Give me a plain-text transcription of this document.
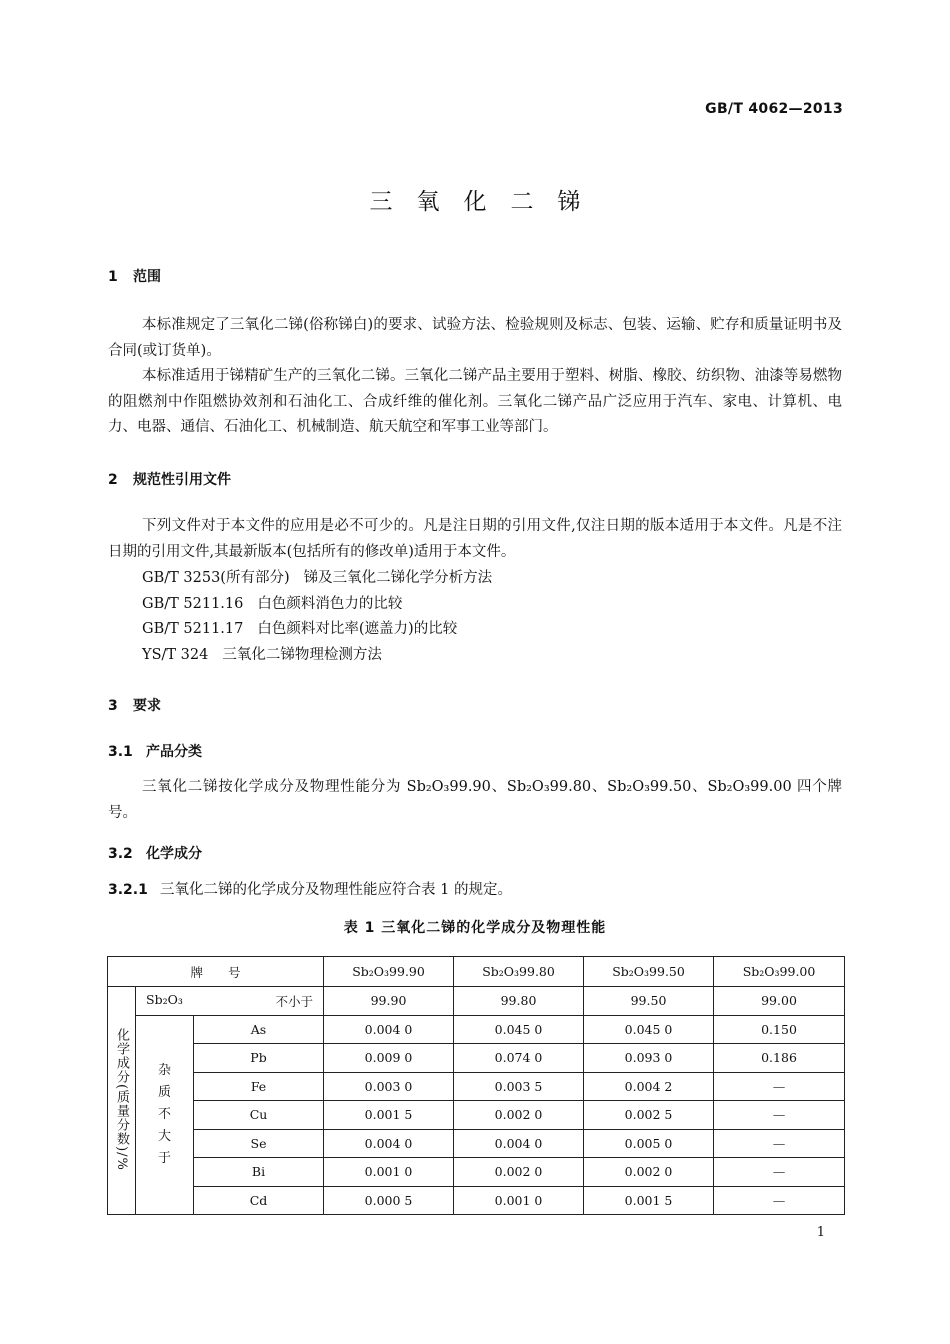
GB/T 4062—2013
三氧化二锑
1 范围

本标准规定了三氧化二锑(俗称锑白)的要求、试验方法、检验规则及标志、包装、运输、贮存和质量证明书及合同(或订货单)。

本标准适用于锑精矿生产的三氧化二锑。三氧化二锑产品主要用于塑料、树脂、橡胶、纺织物、油漆等易燃物的阻燃剂中作阻燃协效剂和石油化工、合成纤维的催化剂。三氧化二锑产品广泛应用于汽车、家电、计算机、电力、电器、通信、石油化工、机械制造、航天航空和军事工业等部门。

2 规范性引用文件

下列文件对于本文件的应用是必不可少的。凡是注日期的引用文件,仅注日期的版本适用于本文件。凡是不注日期的引用文件,其最新版本(包括所有的修改单)适用于本文件。

GB/T 3253(所有部分) 锑及三氧化二锑化学分析方法
GB/T 5211.16 白色颜料消色力的比较
GB/T 5211.17 白色颜料对比率(遮盖力)的比较
YS/T 324 三氧化二锑物理检测方法
3 要求
3.1 产品分类

三氧化二锑按化学成分及物理性能分为 Sb₂O₃99.90、Sb₂O₃99.80、Sb₂O₃99.50、Sb₂O₃99.00 四个牌号。

3.2 化学成分
3.2.1 三氧化二锑的化学成分及物理性能应符合表 1 的规定。
表 1 三氧化二锑的化学成分及物理性能
牌　　号			Sb₂O₃99.90	Sb₂O₃99.80	Sb₂O₃99.50	Sb₂O₃99.00
化学成分(质量分数)/%	Sb₂O₃ 不小于		99.90	99.80	99.50	99.00

	杂
质
不
大
于	As	0.004 0	0.045 0	0.045 0	0.150
		Pb	0.009 0	0.074 0	0.093 0	0.186
		Fe	0.003 0	0.003 5	0.004 2	—
		Cu	0.001 5	0.002 0	0.002 5	—
		Se	0.004 0	0.004 0	0.005 0	—
		Bi	0.001 0	0.002 0	0.002 0	—
		Cd	0.000 5	0.001 0	0.001 5	—
1
